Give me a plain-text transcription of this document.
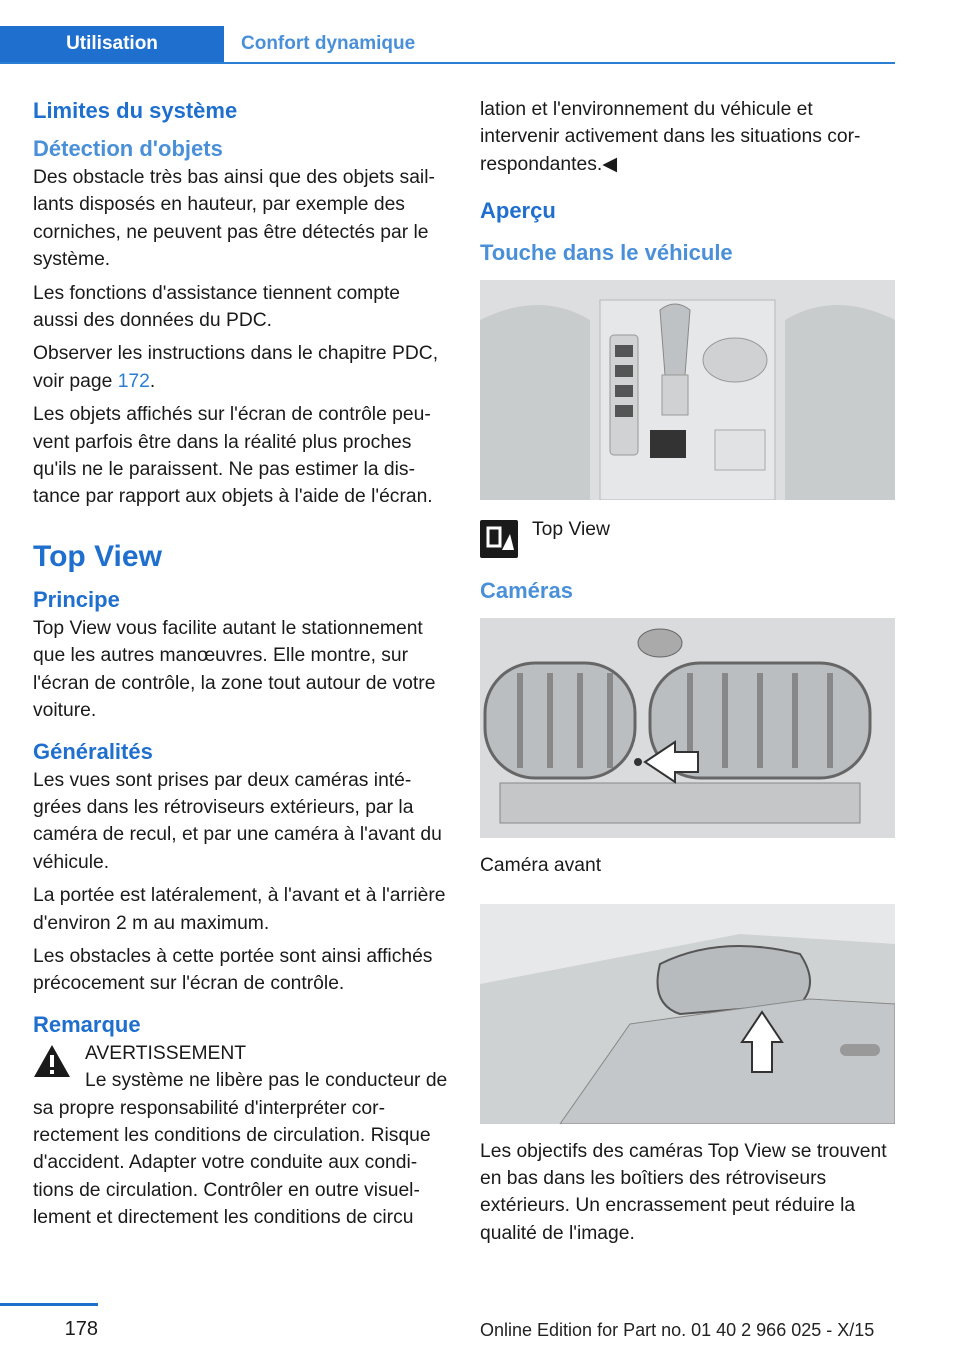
Utilisation	Confort dynamique
Limites du système
Détection d'objets

Des obstacle très bas ainsi que des objets saillants disposés en hauteur, par exemple des corniches, ne peuvent pas être détectés par le système.

Les fonctions d'assistance tiennent compte aussi des données du PDC.

Observer les instructions dans le chapitre PDC, voir page 172.

Les objets affichés sur l'écran de contrôle peuvent parfois être dans la réalité plus proches qu'ils ne le paraissent. Ne pas estimer la distance par rapport aux objets à l'aide de l'écran.

Top View
Principe

Top View vous facilite autant le stationnement que les autres manœuvres. Elle montre, sur l'écran de contrôle, la zone tout autour de votre voiture.

Généralités

Les vues sont prises par deux caméras intégrées dans les rétroviseurs extérieurs, par la caméra de recul, et par une caméra à l'avant du véhicule.

La portée est latéralement, à l'avant et à l'arrière d'environ 2 m au maximum.

Les obstacles à cette portée sont ainsi affichés précocement sur l'écran de contrôle.

Remarque
AVERTISSEMENT
Le système ne libère pas le conducteur de sa propre responsabilité d'interpréter correctement les conditions de circulation. Risque d'accident. Adapter votre conduite aux conditions de circulation. Contrôler en outre visuellement et directement les conditions de circu

lation et l'environnement du véhicule et intervenir activement dans les situations correspondantes.◀

Aperçu
Touche dans le véhicule
Top View
Caméras

Caméra avant

Les objectifs des caméras Top View se trouvent en bas dans les boîtiers des rétroviseurs extérieurs. Un encrassement peut réduire la qualité de l'image.

178	Online Edition for Part no. 01 40 2 966 025 - X/15
